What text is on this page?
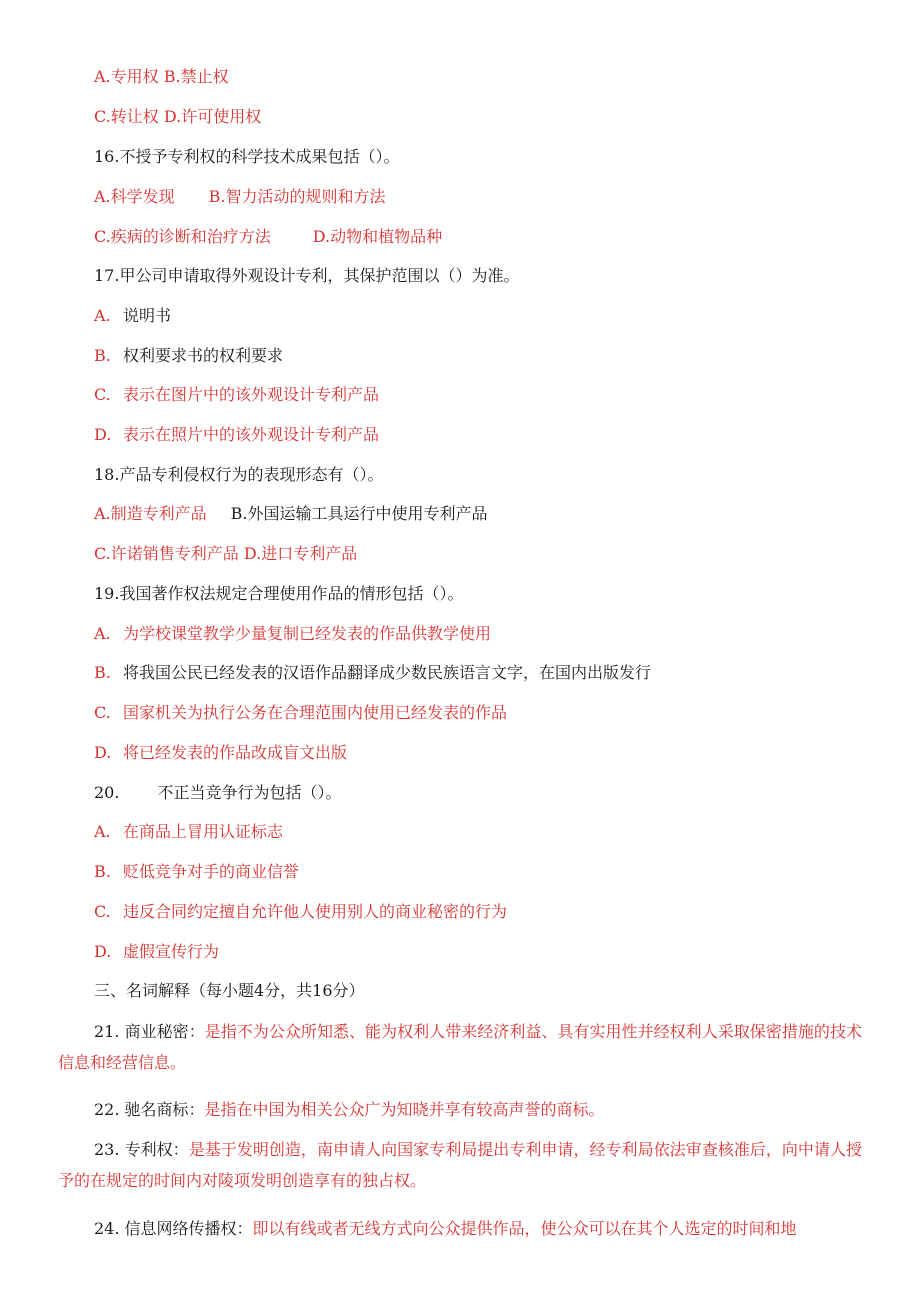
A.专用权 B.禁止权
C.转让权 D.许可使用权
16.不授予专利权的科学技术成果包括（）。
A.科学发现 B.智力活动的规则和方法
C.疾病的诊断和治疗方法	D.动物和植物品种
17.甲公司申请取得外观设计专利，其保护范围以（）为准。
A. 说明书
B. 权利要求书的权利要求
C. 表示在图片中的该外观设计专利产品
D. 表示在照片中的该外观设计专利产品
18.产品专利侵权行为的表现形态有（）。
A.制造专利产品 B.外国运输工具运行中使用专利产品
C.许诺销售专利产品 D.进口专利产品
19.我国著作权法规定合理使用作品的情形包括（）。
A. 为学校课堂教学少量复制已经发表的作品供教学使用
B. 将我国公民已经发表的汉语作品翻译成少数民族语言文字，在国内出版发行
C. 国家机关为执行公务在合理范围内使用已经发表的作品
D. 将已经发表的作品改成盲文出版
20. 不正当竞争行为包括（）。
A. 在商品上冒用认证标志
B. 贬低竞争对手的商业信誉
C. 违反合同约定擅自允许他人使用别人的商业秘密的行为
D. 虚假宣传行为
三、名词解释（每小题4分，共16分）
21. 商业秘密：是指不为公众所知悉、能为权利人带来经济利益、具有实用性并经权利人采取保密措施的技术信息和经营信息。
22. 驰名商标：是指在中国为相关公众广为知晓并享有较高声誉的商标。
23. 专利权：是基于发明创造，南申请人向国家专利局提出专利申请，经专利局依法审查核准后，向中请人授予的在规定的时间内对陵项发明创造享有的独占权。
24. 信息网络传播权：即以有线或者无线方式向公众提供作品，使公众可以在其个人选定的时间和地
